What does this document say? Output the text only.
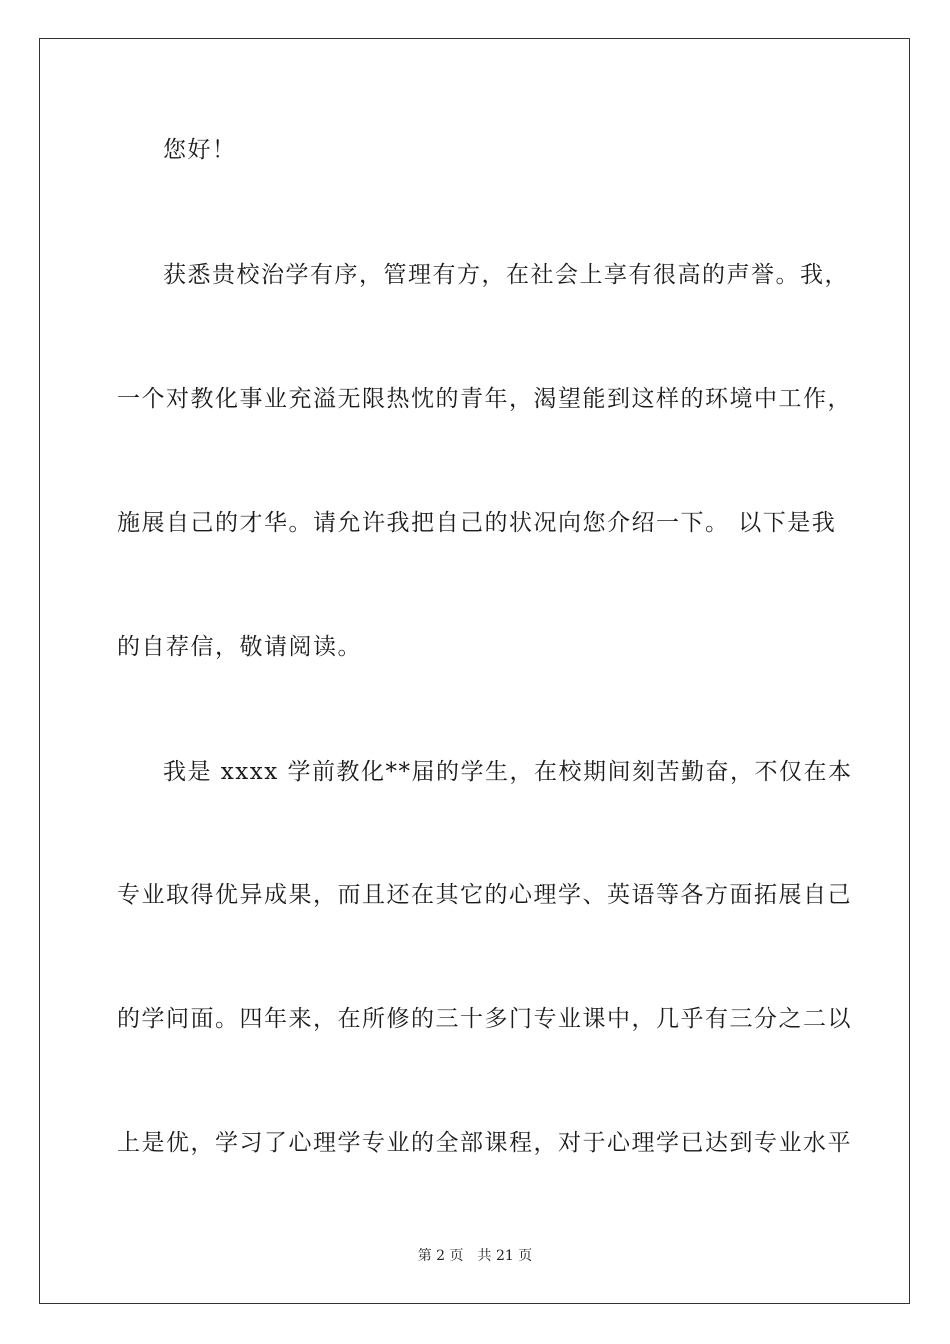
您好！
获悉贵校治学有序，管理有方，在社会上享有很高的声誉。我，
一个对教化事业充溢无限热忱的青年，渴望能到这样的环境中工作，
施展自己的才华。请允许我把自己的状况向您介绍一下。 以下是我
的自荐信，敬请阅读。
我是 xxxx 学前教化**届的学生，在校期间刻苦勤奋，不仅在本
专业取得优异成果，而且还在其它的心理学、英语等各方面拓展自己
的学问面。四年来，在所修的三十多门专业课中，几乎有三分之二以
上是优，学习了心理学专业的全部课程，对于心理学已达到专业水平
第 2 页 共 21 页
